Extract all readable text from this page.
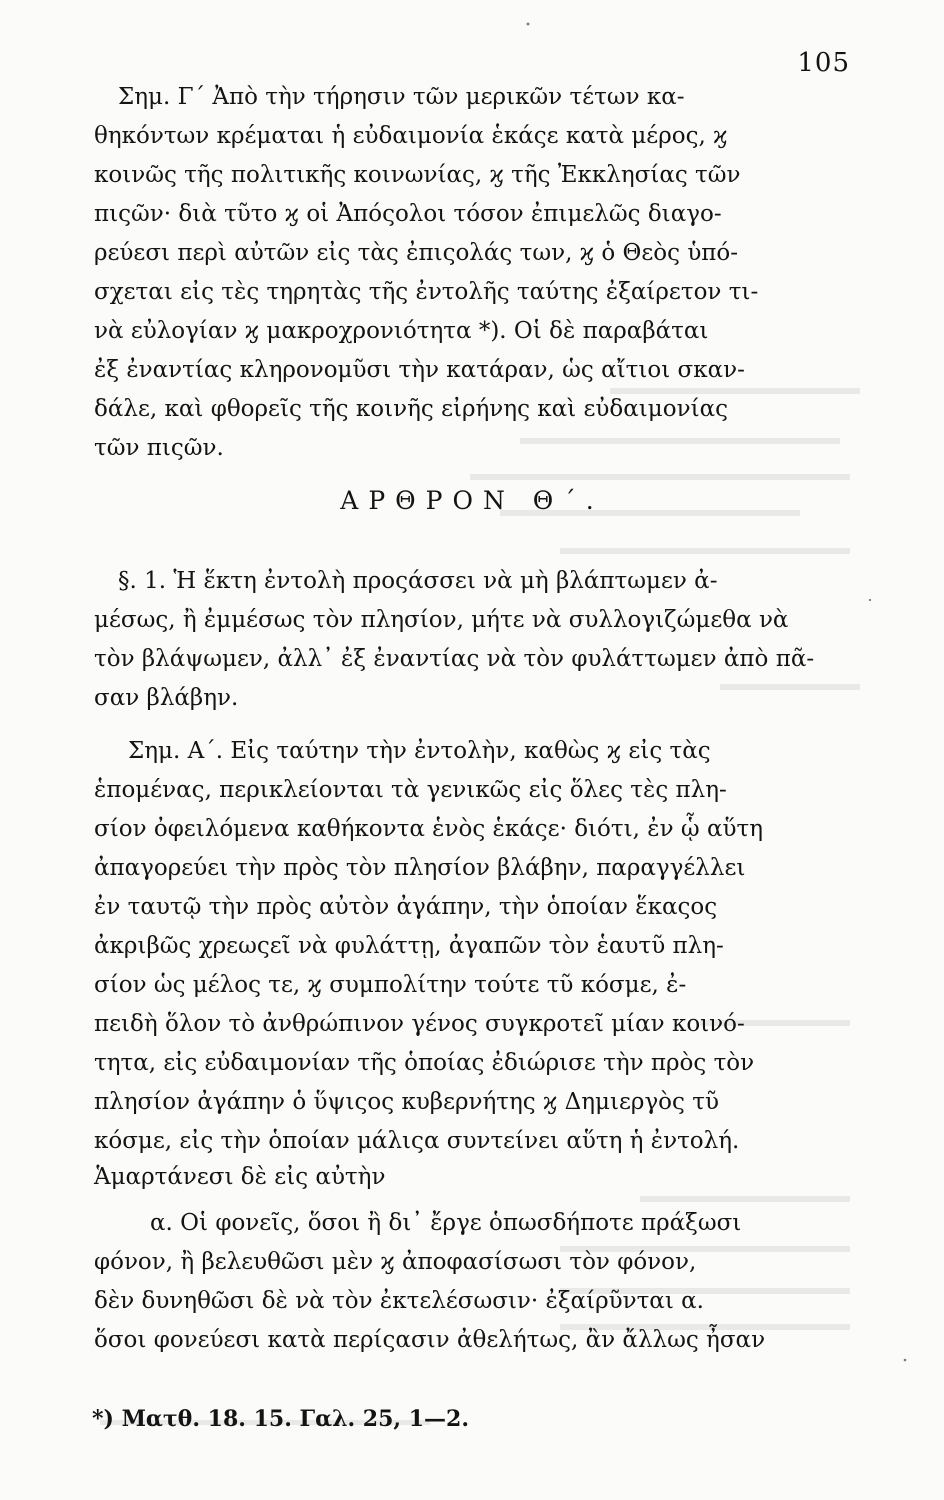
105
Σημ. Γ΄ Ἀπὸ τὴν τήρησιν τῶν μερικῶν τέτων κα-
θηκόντων κρέμαται ἡ εὐδαιμονία ἑκάςε κατὰ μέρος, ϗ
κοινῶς τῆς πολιτικῆς κοινωνίας, ϗ τῆς Ἐκκλησίας τῶν
πιςῶν· διὰ τῦτο ϗ οἱ Ἀπόςολοι τόσον ἐπιμελῶς διαγο-
ρεύεσι περὶ αὐτῶν εἰς τὰς ἐπιςολάς των, ϗ ὁ Θεὸς ὑπό-
σχεται εἰς τὲς τηρητὰς τῆς ἐντολῆς ταύτης ἐξαίρετον τι-
νὰ εὐλογίαν ϗ μακροχρονιότητα *). Οἱ δὲ παραβάται
ἐξ ἐναντίας κληρονομῦσι τὴν κατάραν, ὡς αἴτιοι σκαν-
δάλε, καὶ φθορεῖς τῆς κοινῆς εἰρήνης καὶ εὐδαιμονίας
τῶν πιςῶν.
ΑΡΘΡΟΝ Θ΄.
§. 1. Ἡ ἕκτη ἐντολὴ προςάσσει νὰ μὴ βλάπτωμεν ἀ-
μέσως, ἢ ἐμμέσως τὸν πλησίον, μήτε νὰ συλλογιζώμεθα νὰ
τὸν βλάψωμεν, ἀλλ᾽ ἐξ ἐναντίας νὰ τὸν φυλάττωμεν ἀπὸ πᾶ-
σαν βλάβην.
Σημ. Α΄. Εἰς ταύτην τὴν ἐντολὴν, καθὼς ϗ εἰς τὰς
ἑπομένας, περικλείονται τὰ γενικῶς εἰς ὅλες τὲς πλη-
σίον ὀφειλόμενα καθήκοντα ἑνὸς ἑκάςε· διότι, ἐν ᾧ αὕτη
ἀπαγορεύει τὴν πρὸς τὸν πλησίον βλάβην, παραγγέλλει
ἐν ταυτῷ τὴν πρὸς αὐτὸν ἀγάπην, τὴν ὁποίαν ἕκαςος
ἀκριβῶς χρεωςεῖ νὰ φυλάττῃ, ἀγαπῶν τὸν ἑαυτῦ πλη-
σίον ὡς μέλος τε, ϗ συμπολίτην τούτε τῦ κόσμε, ἐ-
πειδὴ ὅλον τὸ ἀνθρώπινον γένος συγκροτεῖ μίαν κοινό-
τητα, εἰς εὐδαιμονίαν τῆς ὁποίας ἐδιώρισε τὴν πρὸς τὸν
πλησίον ἀγάπην ὁ ὕψιςος κυβερνήτης ϗ Δημιεργὸς τῦ
κόσμε, εἰς τὴν ὁποίαν μάλιςα συντείνει αὕτη ἡ ἐντολή.
Ἁμαρτάνεσι δὲ εἰς αὐτὴν
α. Οἱ φονεῖς, ὅσοι ἢ δι᾽ ἔργε ὁπωσδήποτε πράξωσι
φόνον, ἢ βελευθῶσι μὲν ϗ ἀποφασίσωσι τὸν φόνον,
δὲν δυνηθῶσι δὲ νὰ τὸν ἐκτελέσωσιν· ἐξαίρῦνται α.
ὅσοι φονεύεσι κατὰ περίςασιν ἀθελήτως, ἂν ἄλλως ἦσαν
*) Ματθ. 18. 15. Γαλ. 25, 1—2.
